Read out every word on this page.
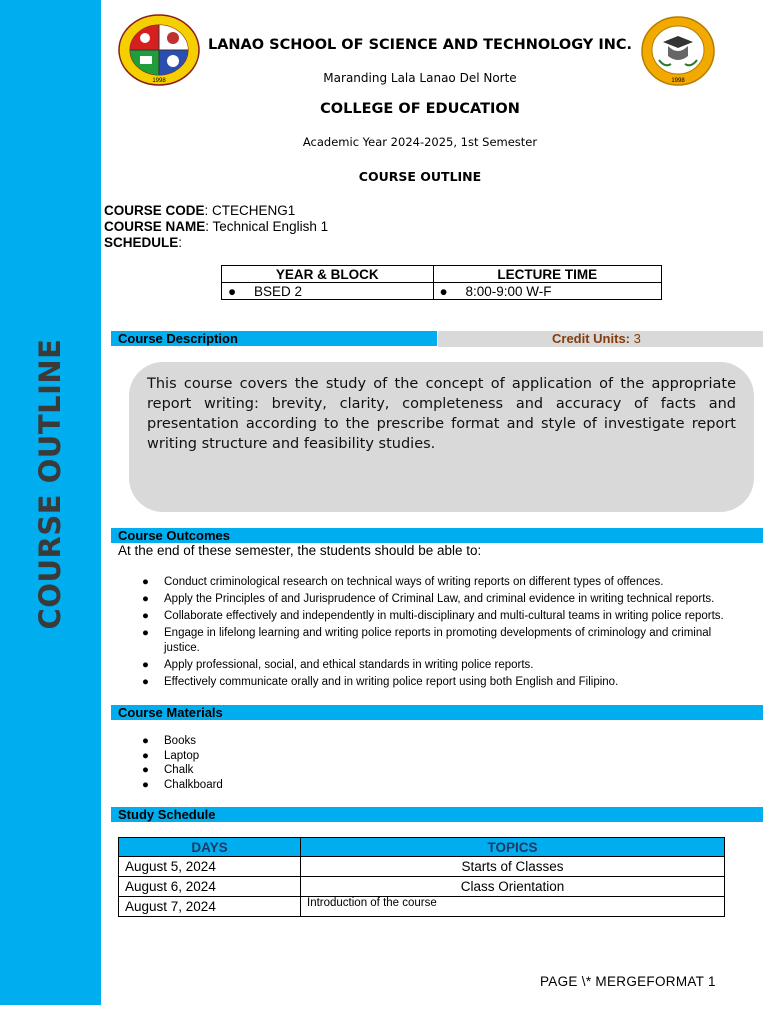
COURSE OUTLINE
1998	1998
LANAO SCHOOL OF SCIENCE AND TECHNOLOGY INC.
Maranding Lala Lanao Del Norte
COLLEGE OF EDUCATION
Academic Year 2024-2025, 1st Semester
COURSE OUTLINE
COURSE CODE: CTECHENG1
COURSE NAME: Technical English 1
SCHEDULE:
YEAR & BLOCK	LECTURE TIME
● BSED 2	● 8:00-9:00 W-F
Course Description	Credit Units: 3
This course covers the study of the concept of application of the appropriate report writing: brevity, clarity, completeness and accuracy of facts and presentation according to the prescribe format and style of investigate report writing structure and feasibility studies.
Course Outcomes
At the end of these semester, the students should be able to:
● Conduct criminological research on technical ways of writing reports on different types of offences.
● Apply the Principles of and Jurisprudence of Criminal Law, and criminal evidence in writing technical reports.
● Collaborate effectively and independently in multi-disciplinary and multi-cultural teams in writing police reports.
● Engage in lifelong learning and writing police reports in promoting developments of criminology and criminal justice.
● Apply professional, social, and ethical standards in writing police reports.
● Effectively communicate orally and in writing police report using both English and Filipino.
Course Materials
● Books
● Laptop
● Chalk
● Chalkboard
Study Schedule
DAYS	TOPICS
August 5, 2024	Starts of Classes
August 6, 2024	Class Orientation
August 7, 2024	Introduction of the course
PAGE \* MERGEFORMAT 1
